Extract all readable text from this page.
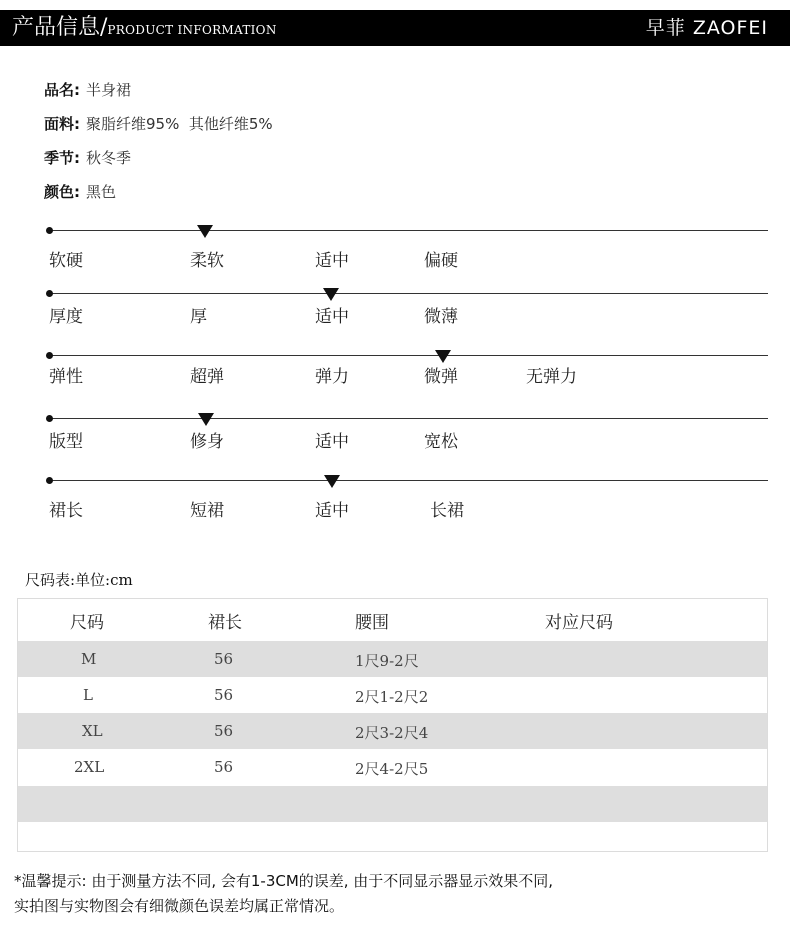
产品信息/PRODUCT INFORMATION	早菲 ZAOFEI
品名: 半身裙
面料: 聚脂纤维95%  其他纤维5%
季节: 秋冬季
颜色: 黑色
软硬	柔软	适中	偏硬
厚度	厚	适中	微薄
弹性	超弹	弹力	微弹	无弹力
版型	修身	适中	宽松
裙长	短裙	适中	长裙
尺码表:单位:cm
尺码	裙长	腰围	对应尺码
M	56	1尺9-2尺
L	56	2尺1-2尺2
XL	56	2尺3-2尺4
2XL	56	2尺4-2尺5
*温馨提示: 由于测量方法不同, 会有1-3CM的误差, 由于不同显示器显示效果不同,
实拍图与实物图会有细微颜色误差均属正常情况。
